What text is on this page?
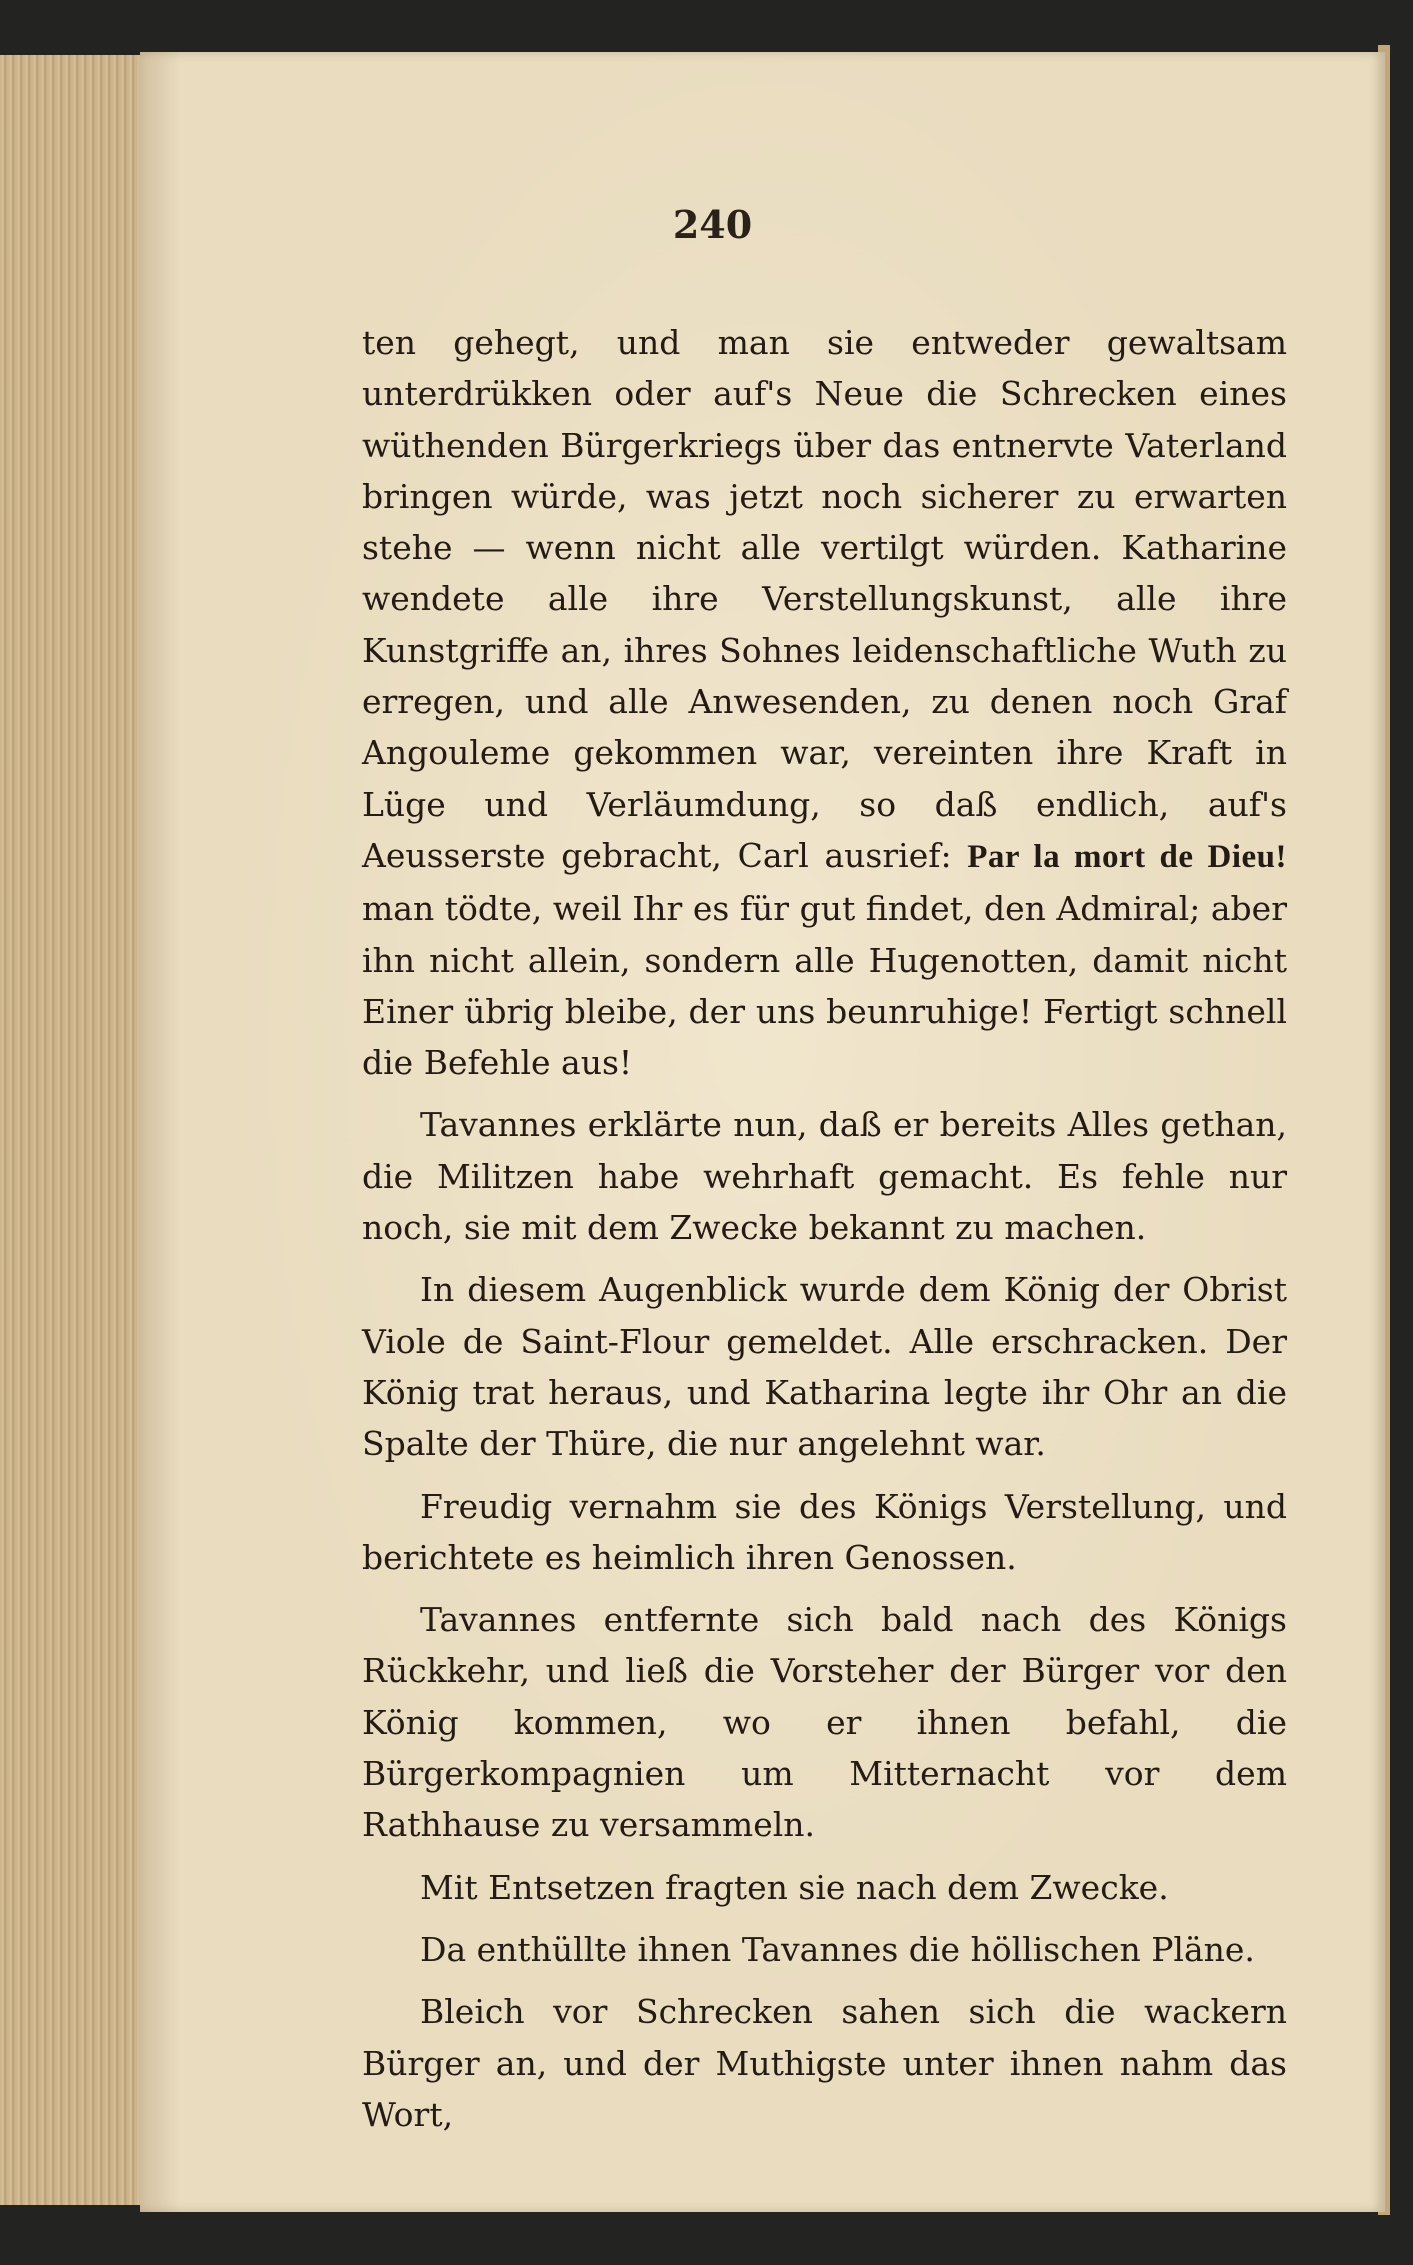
240

ten gehegt, und man sie entweder gewaltsam unterdrükken oder auf's Neue die Schrecken eines wüthenden Bürgerkriegs über das entnervte Vaterland bringen würde, was jetzt noch sicherer zu erwarten stehe — wenn nicht alle vertilgt würden. Katharine wendete alle ihre Verstellungskunst, alle ihre Kunstgriffe an, ihres Sohnes leidenschaftliche Wuth zu erregen, und alle Anwesenden, zu denen noch Graf Angouleme gekommen war, vereinten ihre Kraft in Lüge und Verläumdung, so daß endlich, auf's Aeusserste gebracht, Carl ausrief: Par la mort de Dieu! man tödte, weil Ihr es für gut findet, den Admiral; aber ihn nicht allein, sondern alle Hugenotten, damit nicht Einer übrig bleibe, der uns beunruhige! Fertigt schnell die Befehle aus!

Tavannes erklärte nun, daß er bereits Alles gethan, die Militzen habe wehrhaft gemacht. Es fehle nur noch, sie mit dem Zwecke bekannt zu machen.

In diesem Augenblick wurde dem König der Obrist Viole de Saint-Flour gemeldet. Alle erschracken. Der König trat heraus, und Katharina legte ihr Ohr an die Spalte der Thüre, die nur angelehnt war.

Freudig vernahm sie des Königs Verstellung, und berichtete es heimlich ihren Genossen.

Tavannes entfernte sich bald nach des Königs Rückkehr, und ließ die Vorsteher der Bürger vor den König kommen, wo er ihnen befahl, die Bürgerkompagnien um Mitternacht vor dem Rathhause zu versammeln.

Mit Entsetzen fragten sie nach dem Zwecke.

Da enthüllte ihnen Tavannes die höllischen Pläne.

Bleich vor Schrecken sahen sich die wackern Bürger an, und der Muthigste unter ihnen nahm das Wort,
